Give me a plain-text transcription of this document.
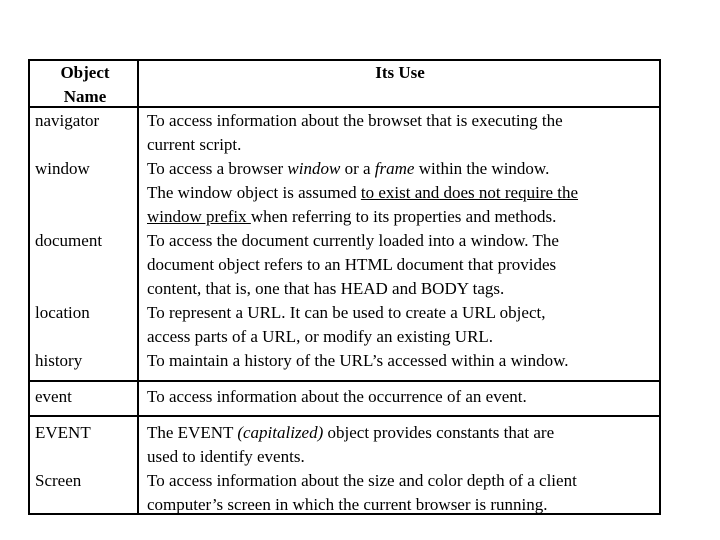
Object
Name
Its Use
navigator
window
document
location
history
event
EVENT
Screen
To access information about the browset that is executing the
current script.
To access a browser window or a frame within the window.
The window object is assumed to exist and does not require the
window prefix when referring to its properties and methods.
To access the document currently loaded into a window. The
document object refers to an HTML document that provides
content, that is, one that has HEAD and BODY tags.
To represent a URL. It can be used to create a URL object,
access parts of a URL, or modify an existing URL.
To maintain a history of the URL’s accessed within a window.
To access information about the occurrence of an event.
The EVENT (capitalized) object provides constants that are
used to identify events.
To access information about the size and color depth of a client
computer’s screen in which the current browser is running.
